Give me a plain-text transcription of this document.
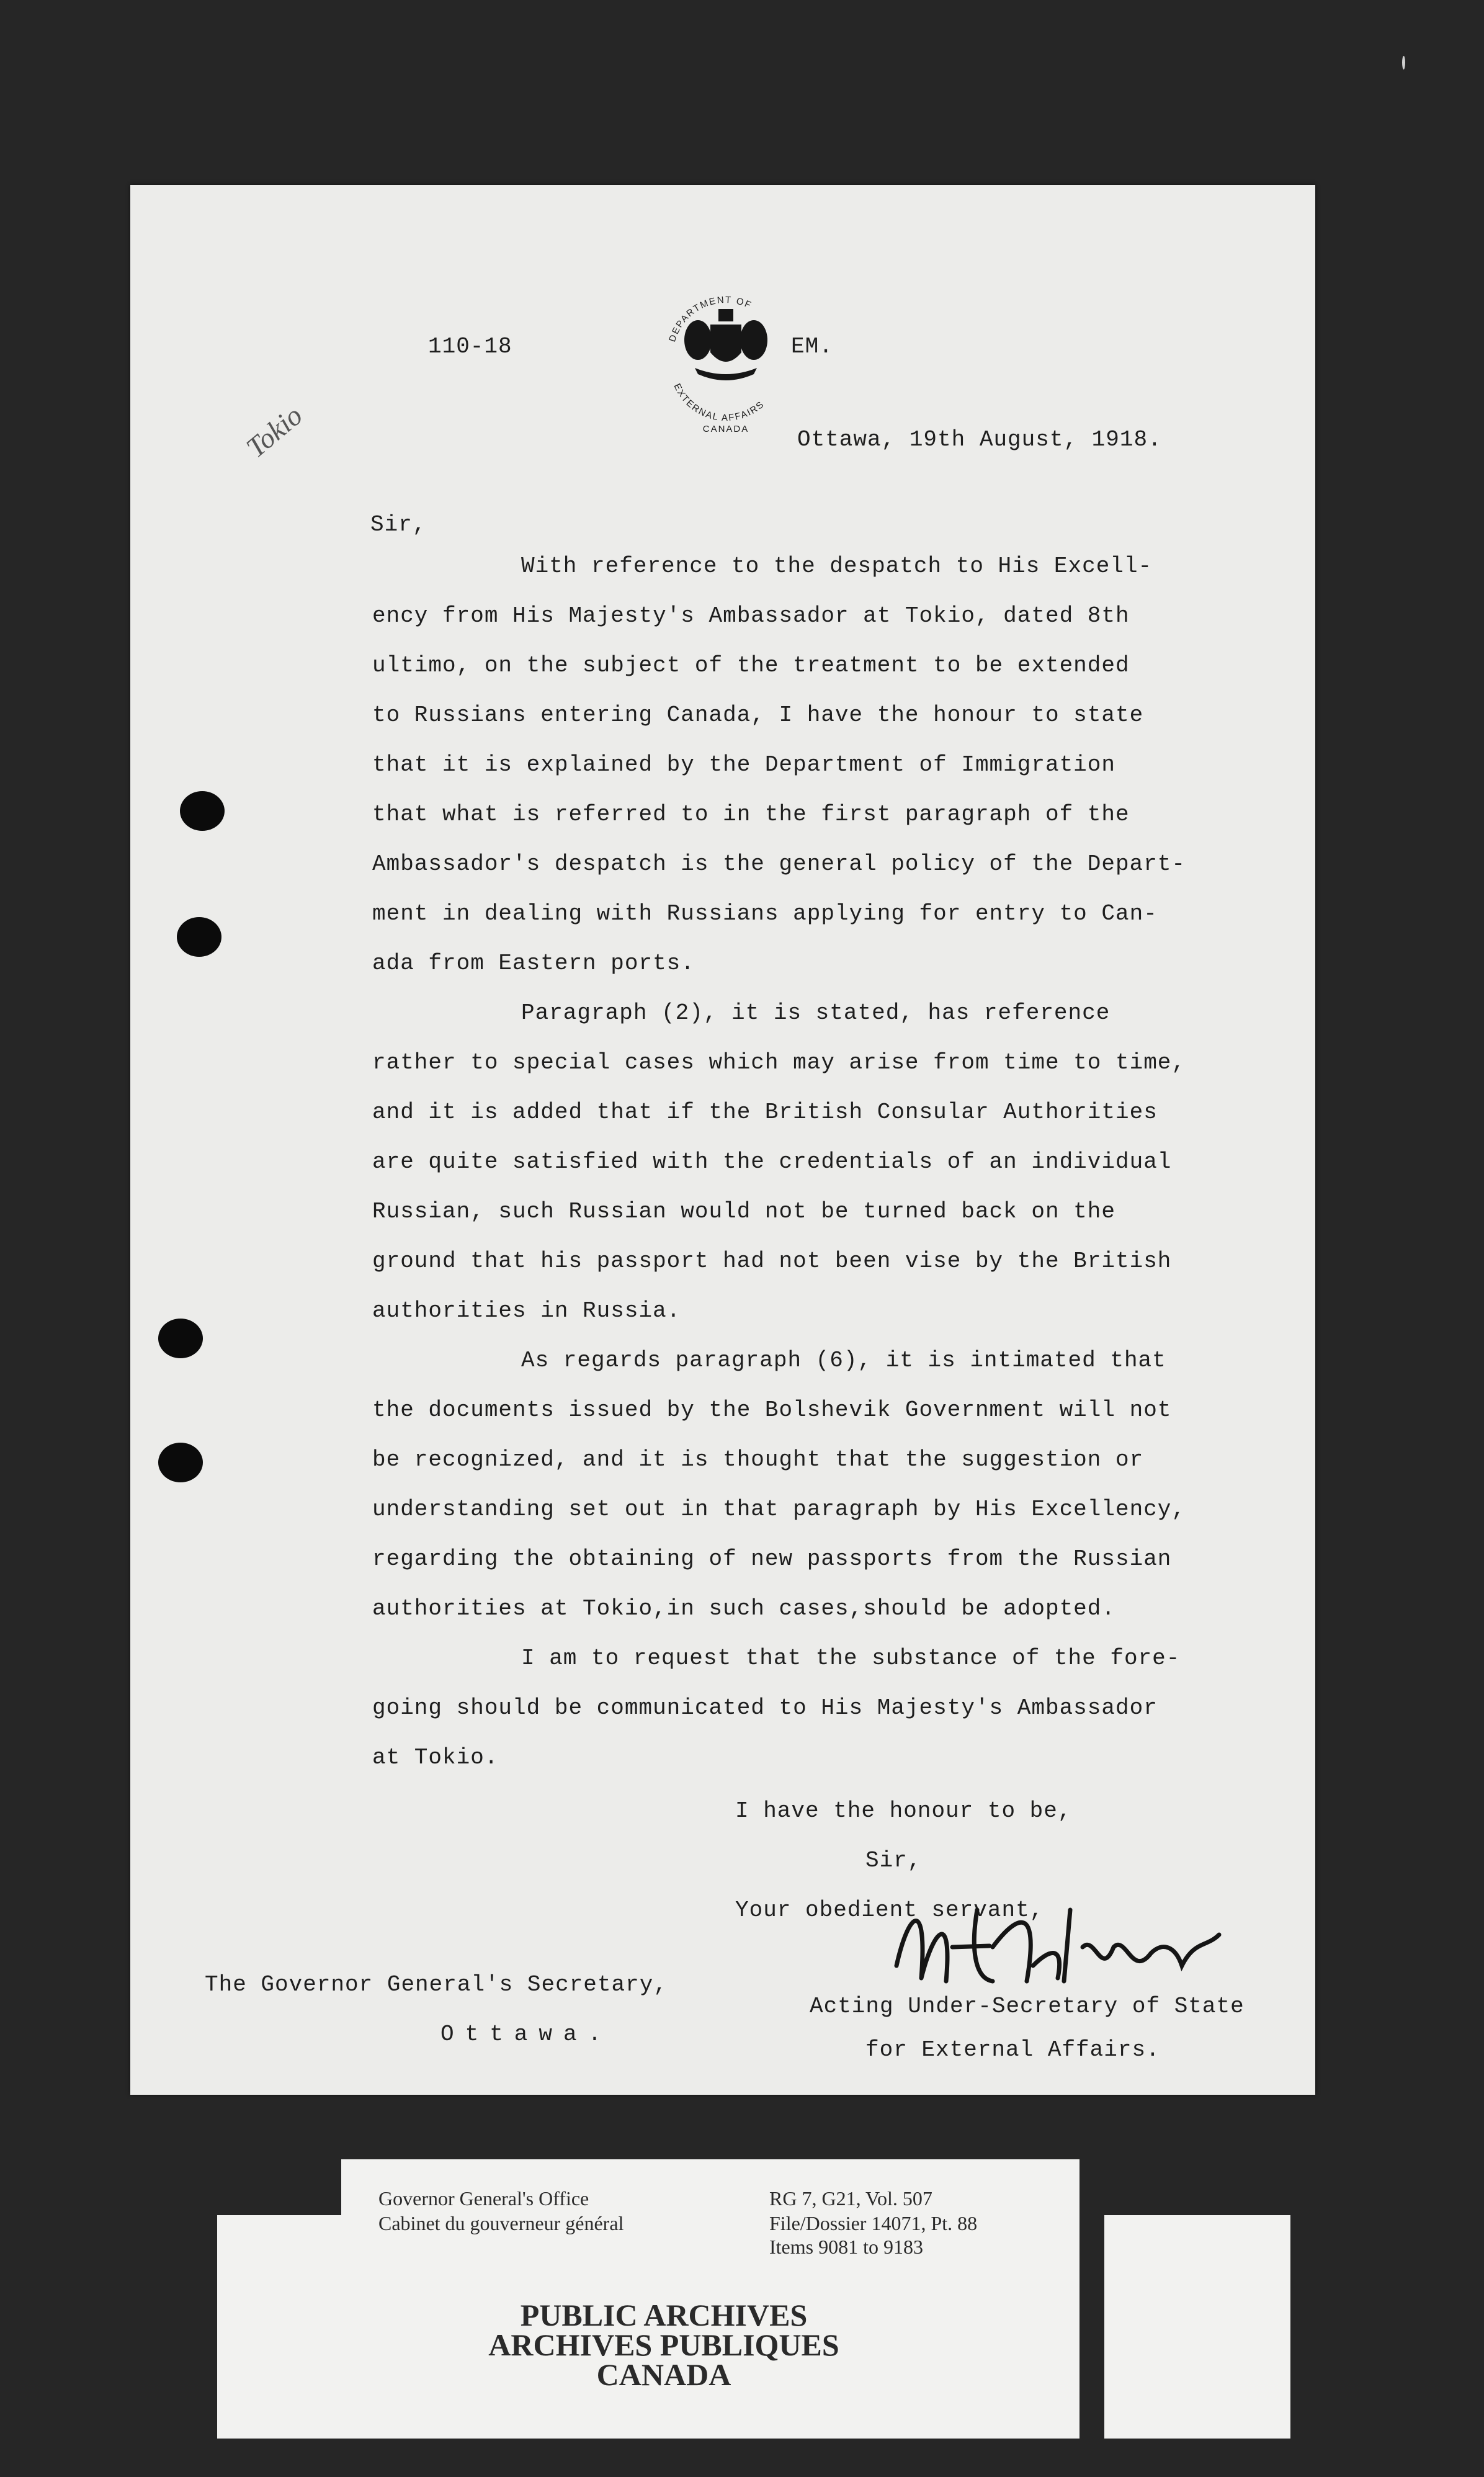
Tokio
110-18	DEPARTMENT OF
EXTERNAL AFFAIRS
CANADA
EM.
Ottawa, 19th August, 1918.
Sir,

With reference to the despatch to His Excell-
ency from His Majesty's Ambassador at Tokio, dated 8th
ultimo, on the subject of the treatment to be extended
to Russians entering Canada, I have the honour to state
that it is explained by the Department of Immigration
that what is referred to in the first paragraph of the
Ambassador's despatch is the general policy of the Depart-
ment in dealing with Russians applying for entry to Can-
ada from Eastern ports.

Paragraph (2), it is stated, has reference
rather to special cases which may arise from time to time,
and it is added that if the British Consular Authorities
are quite satisfied with the credentials of an individual
Russian, such Russian would not be turned back on the
ground that his passport had not been vise by the British
authorities in Russia.

As regards paragraph (6), it is intimated that
the documents issued by the Bolshevik Government will not
be recognized, and it is thought that the suggestion or
understanding set out in that paragraph by His Excellency,
regarding the obtaining of new passports from the Russian
authorities at Tokio,in such cases,should be adopted.

I am to request that the substance of the fore-
going should be communicated to His Majesty's Ambassador
at Tokio.

I have the honour to be,
Sir,
Your obedient servant,
The Governor General's Secretary,
Ottawa.
Acting Under-Secretary of State
for External Affairs.
Governor General's Office
Cabinet du gouverneur général
RG 7, G21, Vol. 507
File/Dossier 14071, Pt. 88
Items 9081 to 9183
PUBLIC ARCHIVES
ARCHIVES PUBLIQUES
CANADA
